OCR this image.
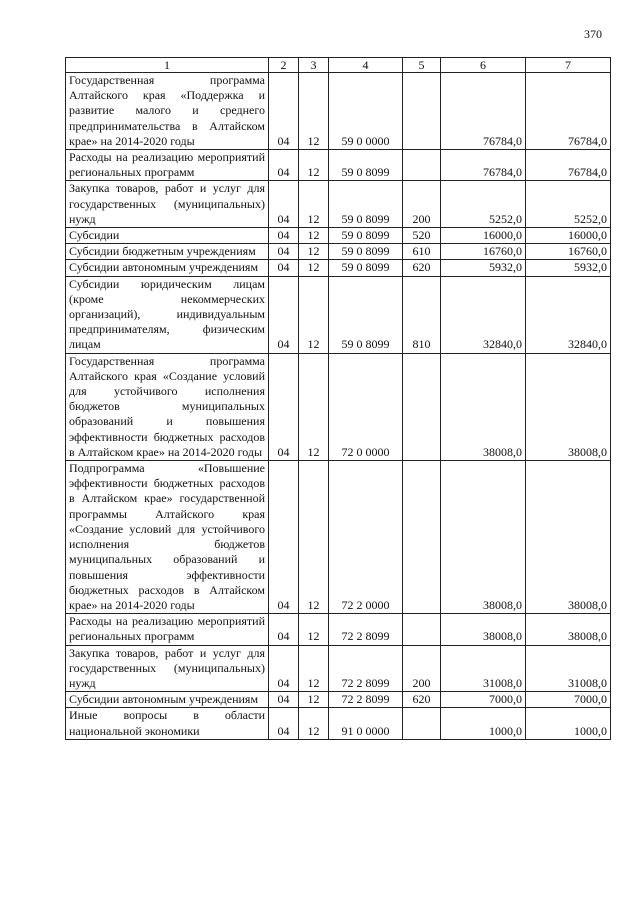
370
1	2	3	4	5	6	7
Государственная программа Алтайского края «Поддержка и развитие малого и среднего предпринимательства в Алтайском крае» на 2014-2020 годы	04	12	59 0 0000		76784,0	76784,0
Расходы на реализацию мероприятий региональных программ	04	12	59 0 8099		76784,0	76784,0
Закупка товаров, работ и услуг для государственных (муниципальных) нужд	04	12	59 0 8099	200	5252,0	5252,0
Субсидии	04	12	59 0 8099	520	16000,0	16000,0
Субсидии бюджетным учреждениям	04	12	59 0 8099	610	16760,0	16760,0
Субсидии автономным учреждениям	04	12	59 0 8099	620	5932,0	5932,0
Субсидии юридическим лицам (кроме некоммерческих организаций), индивидуальным предпринимателям, физическим лицам	04	12	59 0 8099	810	32840,0	32840,0
Государственная программа Алтайского края «Создание условий для устойчивого исполнения бюджетов муниципальных образований и повышения эффективности бюджетных расходов в Алтайском крае» на 2014-2020 годы	04	12	72 0 0000		38008,0	38008,0
Подпрограмма «Повышение эффективности бюджетных расходов в Алтайском крае» государственной программы Алтайского края «Создание условий для устойчивого исполнения бюджетов муниципальных образований и повышения эффективности бюджетных расходов в Алтайском крае» на 2014-2020 годы	04	12	72 2 0000		38008,0	38008,0
Расходы на реализацию мероприятий региональных программ	04	12	72 2 8099		38008,0	38008,0
Закупка товаров, работ и услуг для государственных (муниципальных) нужд	04	12	72 2 8099	200	31008,0	31008,0
Субсидии автономным учреждениям	04	12	72 2 8099	620	7000,0	7000,0
Иные вопросы в области национальной экономики	04	12	91 0 0000		1000,0	1000,0
